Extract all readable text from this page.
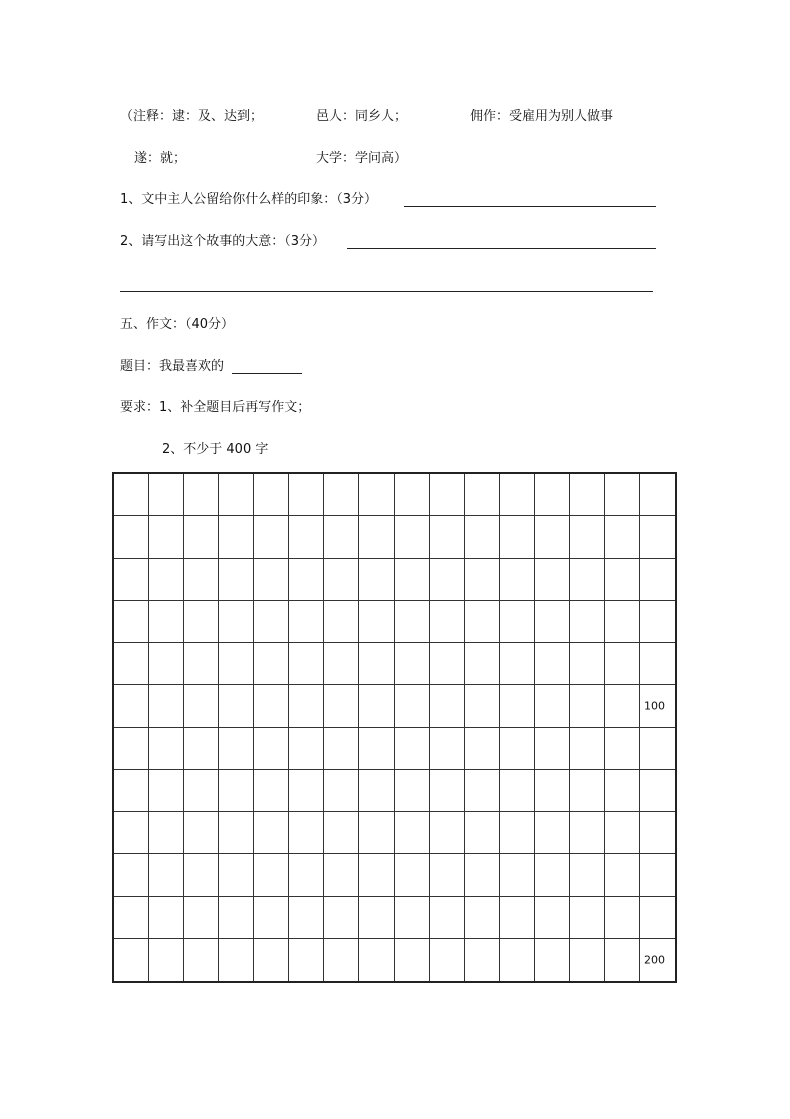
（注释：逮：及、达到；	邑人：同乡人；	佣作：受雇用为别人做事
遂：就；	大学：学问高）
1、文中主人公留给你什么样的印象：（3分）
2、请写出这个故事的大意：（3分）
五、作文：（40分）
题目：我最喜欢的
要求：1、补全题目后再写作文；
2、不少于 400 字
100
200
